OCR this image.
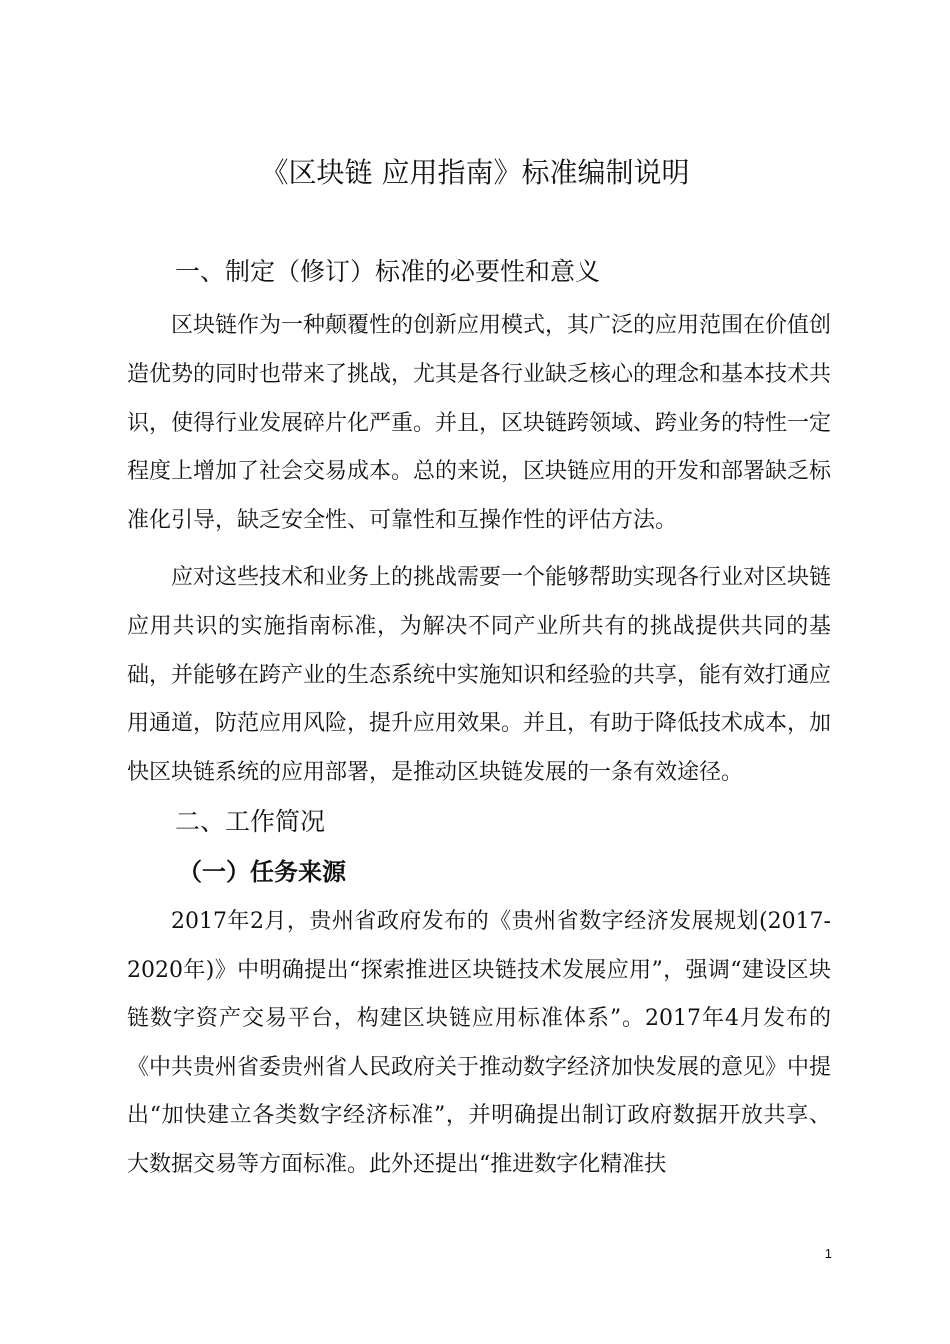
《区块链 应用指南》标准编制说明
一、制定（修订）标准的必要性和意义

区块链作为一种颠覆性的创新应用模式，其广泛的应用范围在价值创造优势的同时也带来了挑战，尤其是各行业缺乏核心的理念和基本技术共识，使得行业发展碎片化严重。并且，区块链跨领域、跨业务的特性一定程度上增加了社会交易成本。总的来说，区块链应用的开发和部署缺乏标准化引导，缺乏安全性、可靠性和互操作性的评估方法。

应对这些技术和业务上的挑战需要一个能够帮助实现各行业对区块链应用共识的实施指南标准，为解决不同产业所共有的挑战提供共同的基础，并能够在跨产业的生态系统中实施知识和经验的共享，能有效打通应用通道，防范应用风险，提升应用效果。并且，有助于降低技术成本，加快区块链系统的应用部署，是推动区块链发展的一条有效途径。

二、工作简况
（一）任务来源

2017年2月，贵州省政府发布的《贵州省数字经济发展规划(2017-2020年)》中明确提出“探索推进区块链技术发展应用”，强调“建设区块链数字资产交易平台，构建区块链应用标准体系”。2017年4月发布的《中共贵州省委贵州省人民政府关于推动数字经济加快发展的意见》中提出“加快建立各类数字经济标准”，并明确提出制订政府数据开放共享、大数据交易等方面标准。此外还提出“推进数字化精准扶

1
